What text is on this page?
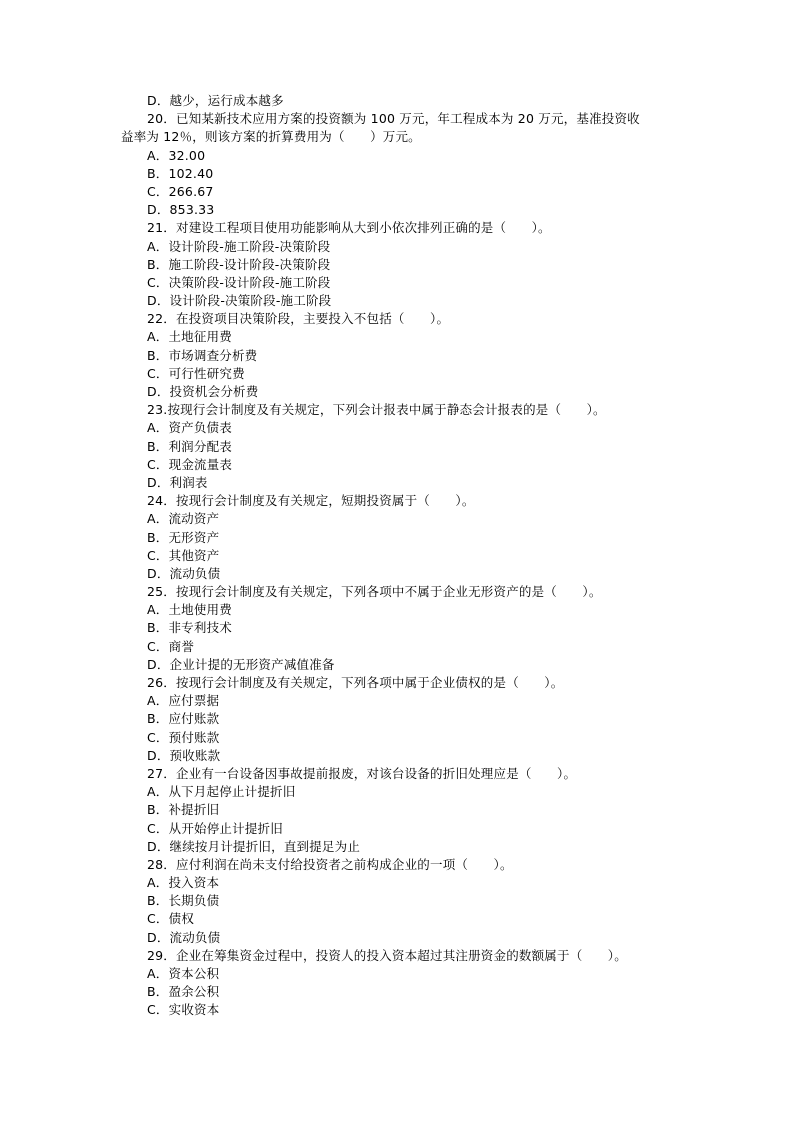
D．越少，运行成本越多
20．已知某新技术应用方案的投资额为 100 万元，年工程成本为 20 万元，基准投资收
益率为 12％，则该方案的折算费用为（　　）万元。
A．32.00
B．102.40
C．266.67
D．853.33
21．对建设工程项目使用功能影响从大到小依次排列正确的是（　　）。
A．设计阶段-施工阶段-决策阶段
B．施工阶段-设计阶段-决策阶段
C．决策阶段-设计阶段-施工阶段
D．设计阶段-决策阶段-施工阶段
22．在投资项目决策阶段，主要投入不包括（　　）。
A．土地征用费
B．市场调查分析费
C．可行性研究费
D．投资机会分析费
23.按现行会计制度及有关规定，下列会计报表中属于静态会计报表的是（　　）。
A．资产负债表
B．利润分配表
C．现金流量表
D．利润表
24．按现行会计制度及有关规定，短期投资属于（　　）。
A．流动资产
B．无形资产
C．其他资产
D．流动负债
25．按现行会计制度及有关规定，下列各项中不属于企业无形资产的是（　　）。
A．土地使用费
B．非专利技术
C．商誉
D．企业计提的无形资产减值准备
26．按现行会计制度及有关规定，下列各项中属于企业债权的是（　　）。
A．应付票据
B．应付账款
C．预付账款
D．预收账款
27．企业有一台设备因事故提前报废，对该台设备的折旧处理应是（　　）。
A．从下月起停止计提折旧
B．补提折旧
C．从开始停止计提折旧
D．继续按月计提折旧，直到提足为止
28．应付利润在尚未支付给投资者之前构成企业的一项（　　）。
A．投入资本
B．长期负债
C．债权
D．流动负债
29．企业在筹集资金过程中，投资人的投入资本超过其注册资金的数额属于（　　）。
A．资本公积
B．盈余公积
C．实收资本
